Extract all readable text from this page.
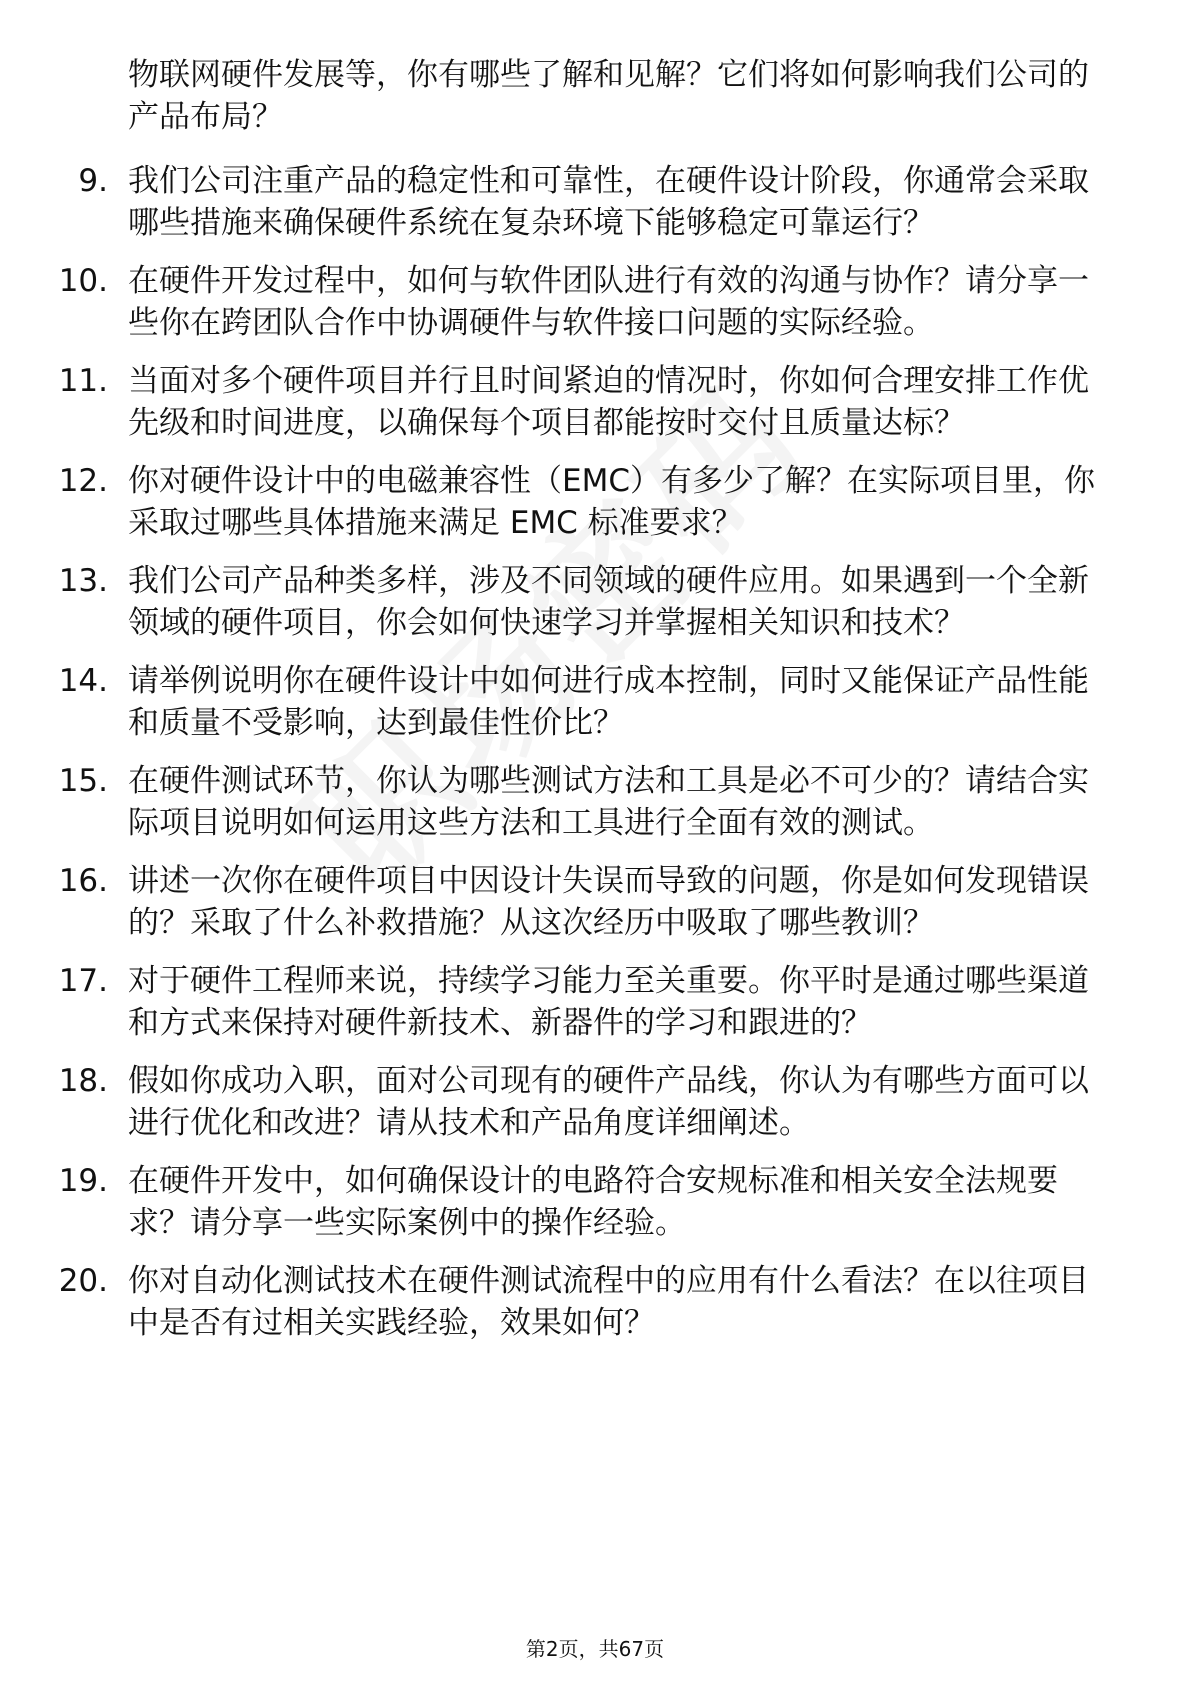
物联网硬件发展等，你有哪些了解和见解？它们将如何影响我们公司的产品布局？
9. 我们公司注重产品的稳定性和可靠性，在硬件设计阶段，你通常会采取哪些措施来确保硬件系统在复杂环境下能够稳定可靠运行？
10. 在硬件开发过程中，如何与软件团队进行有效的沟通与协作？请分享一些你在跨团队合作中协调硬件与软件接口问题的实际经验。
11. 当面对多个硬件项目并行且时间紧迫的情况时，你如何合理安排工作优先级和时间进度，以确保每个项目都能按时交付且质量达标？
12. 你对硬件设计中的电磁兼容性（EMC）有多少了解？在实际项目里，你采取过哪些具体措施来满足 EMC 标准要求？
13. 我们公司产品种类多样，涉及不同领域的硬件应用。如果遇到一个全新领域的硬件项目，你会如何快速学习并掌握相关知识和技术？
14. 请举例说明你在硬件设计中如何进行成本控制，同时又能保证产品性能和质量不受影响，达到最佳性价比？
15. 在硬件测试环节，你认为哪些测试方法和工具是必不可少的？请结合实际项目说明如何运用这些方法和工具进行全面有效的测试。
16. 讲述一次你在硬件项目中因设计失误而导致的问题，你是如何发现错误的？采取了什么补救措施？从这次经历中吸取了哪些教训？
17. 对于硬件工程师来说，持续学习能力至关重要。你平时是通过哪些渠道和方式来保持对硬件新技术、新器件的学习和跟进的？
18. 假如你成功入职，面对公司现有的硬件产品线，你认为有哪些方面可以进行优化和改进？请从技术和产品角度详细阐述。
19. 在硬件开发中，如何确保设计的电路符合安规标准和相关安全法规要求？请分享一些实际案例中的操作经验。
20. 你对自动化测试技术在硬件测试流程中的应用有什么看法？在以往项目中是否有过相关实践经验，效果如何？
第2页，共67页
